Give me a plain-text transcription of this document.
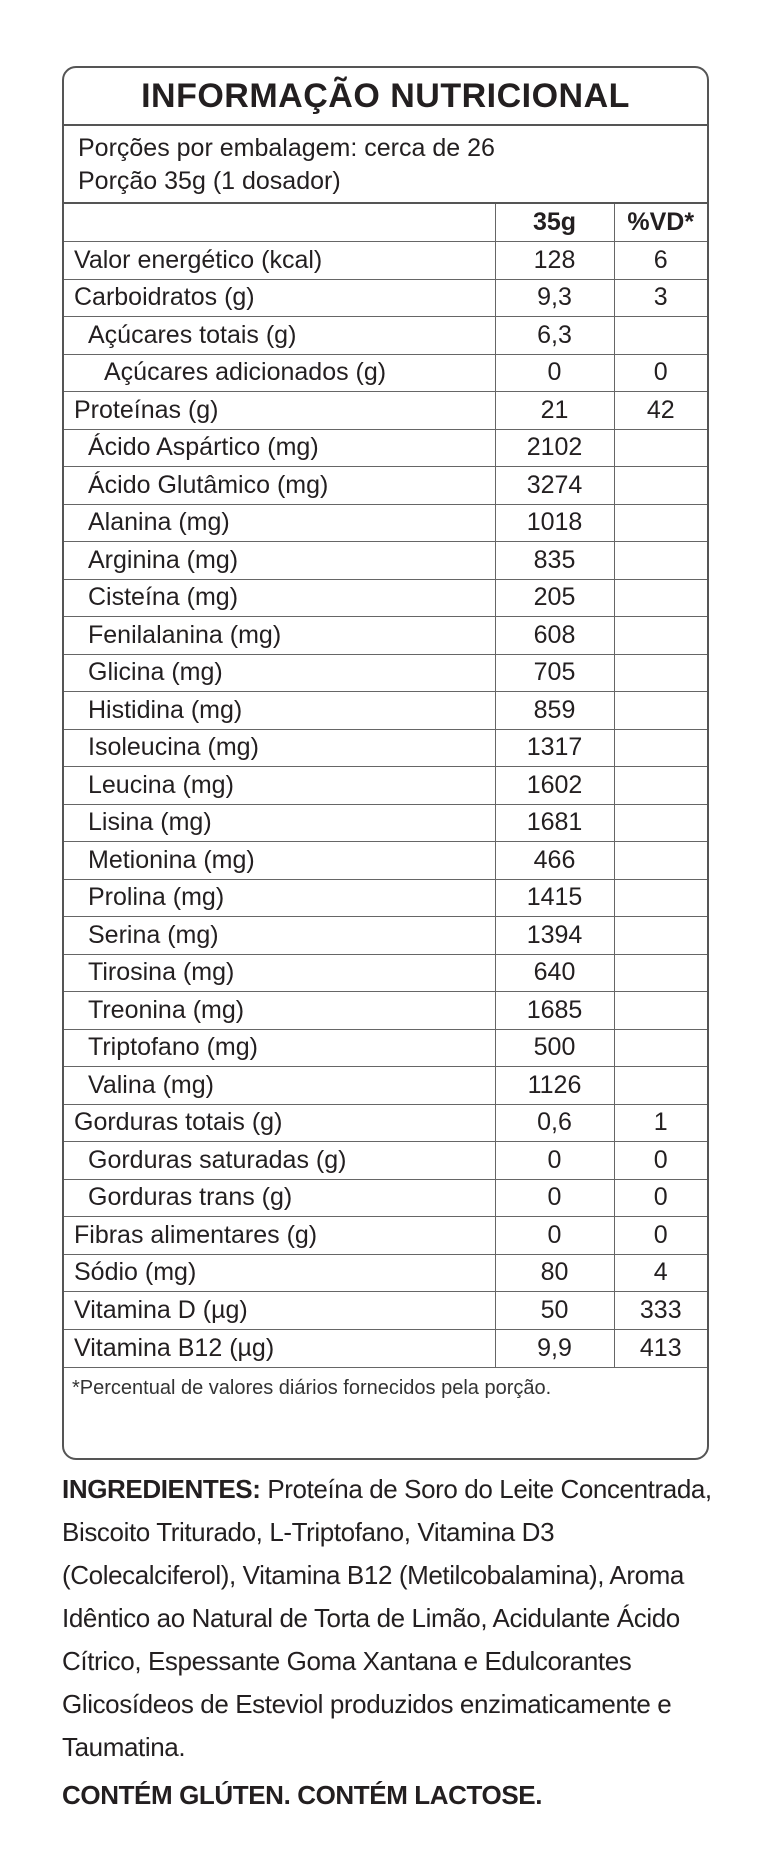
INFORMAÇÃO NUTRICIONAL
Porções por embalagem: cerca de 26
Porção 35g (1 dosador)
	35g	%VD*
Valor energético (kcal)	128	6
Carboidratos (g)	9,3	3
Açúcares totais (g)	6,3	
Açúcares adicionados (g)	0	0
Proteínas (g)	21	42
Ácido Aspártico (mg)	2102	
Ácido Glutâmico (mg)	3274	
Alanina (mg)	1018	
Arginina (mg)	835	
Cisteína (mg)	205	
Fenilalanina (mg)	608	
Glicina (mg)	705	
Histidina (mg)	859	
Isoleucina (mg)	1317	
Leucina (mg)	1602	
Lisina (mg)	1681	
Metionina (mg)	466	
Prolina (mg)	1415	
Serina (mg)	1394	
Tirosina (mg)	640	
Treonina (mg)	1685	
Triptofano (mg)	500	
Valina (mg)	1126	
Gorduras totais (g)	0,6	1
Gorduras saturadas (g)	0	0
Gorduras trans (g)	0	0
Fibras alimentares (g)	0	0
Sódio (mg)	80	4
Vitamina D (µg)	50	333
Vitamina B12 (µg)	9,9	413
*Percentual de valores diários fornecidos pela porção.
INGREDIENTES: Proteína de Soro do Leite Concentrada, Biscoito Triturado, L-Triptofano, Vitamina D3 (Colecalciferol), Vitamina B12 (Metilcobalamina), Aroma Idêntico ao Natural de Torta de Limão, Acidulante Ácido Cítrico, Espessante Goma Xantana e Edulcorantes Glicosídeos de Esteviol produzidos enzimaticamente e Taumatina.
CONTÉM GLÚTEN. CONTÉM LACTOSE.
